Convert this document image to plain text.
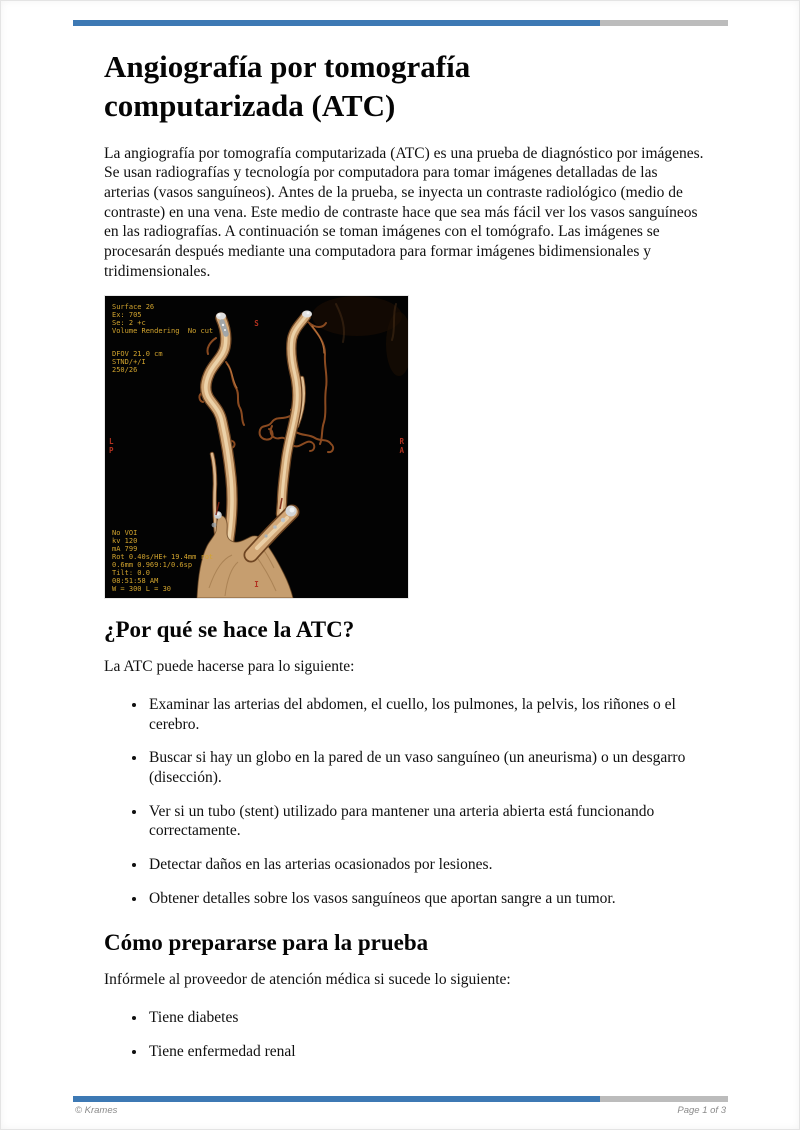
Angiografía por tomografía computarizada (ATC)

La angiografía por tomografía computarizada (ATC) es una prueba de diagnóstico por imágenes. Se usan radiografías y tecnología por computadora para tomar imágenes detalladas de las arterias (vasos sanguíneos). Antes de la prueba, se inyecta un contraste radiológico (medio de contraste) en una vena. Este medio de contraste hace que sea más fácil ver los vasos sanguíneos en las radiografías. A continuación se toman imágenes con el tomógrafo. Las imágenes se procesarán después mediante una computadora para formar imágenes bidimensionales y tridimensionales.

Surface 26
Ex: 705
Se: 2 +c
Volume Rendering  No cut
DFOV 21.0 cm
STND/+/I
250/26
No VOI
kv 120
mA 799
Rot 0.40s/HE+ 19.4mm rot
0.6mm 0.969:1/0.6sp
Tilt: 0.0
08:51:58 AM
W = 300 L = 30
S
I
L
P
R
A
¿Por qué se hace la ATC?

La ATC puede hacerse para lo siguiente:

• Examinar las arterias del abdomen, el cuello, los pulmones, la pelvis, los riñones o el cerebro.
• Buscar si hay un globo en la pared de un vaso sanguíneo (un aneurisma) o un desgarro (disección).
• Ver si un tubo (stent) utilizado para mantener una arteria abierta está funcionando correctamente.
• Detectar daños en las arterias ocasionados por lesiones.
• Obtener detalles sobre los vasos sanguíneos que aportan sangre a un tumor.
Cómo prepararse para la prueba

Infórmele al proveedor de atención médica si sucede lo siguiente:

• Tiene diabetes
• Tiene enfermedad renal
© Krames	Page 1 of 3
